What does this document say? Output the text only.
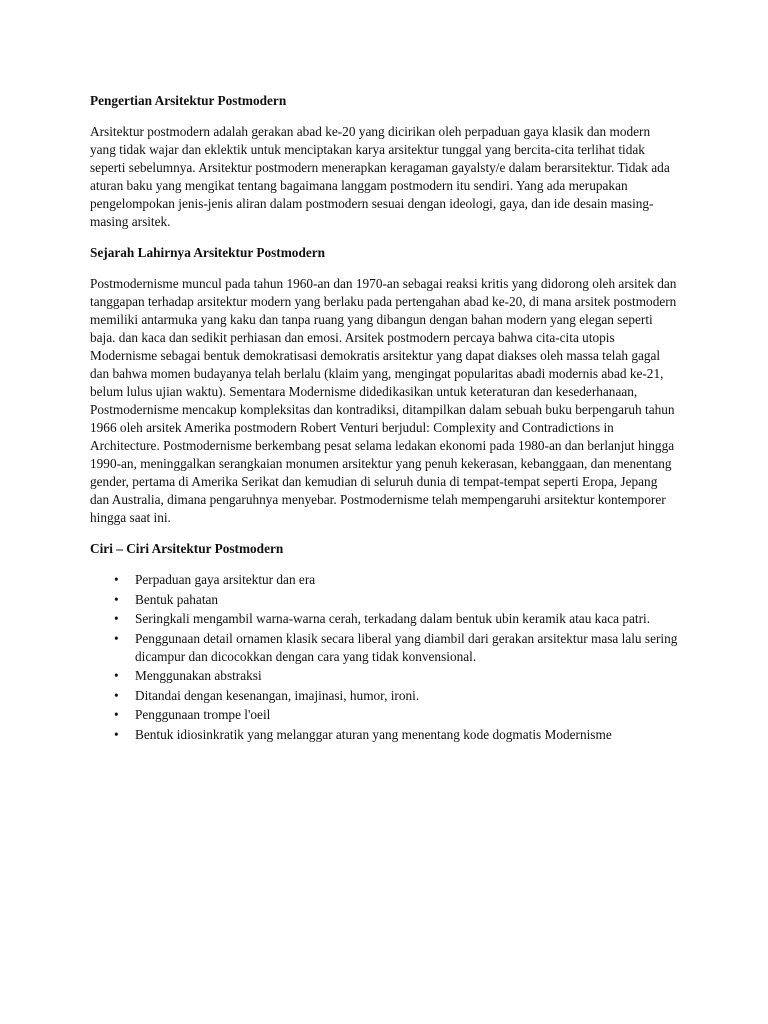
Pengertian Arsitektur Postmodern

Arsitektur postmodern adalah gerakan abad ke-20 yang dicirikan oleh perpaduan gaya klasik dan modern yang tidak wajar dan eklektik untuk menciptakan karya arsitektur tunggal yang bercita-cita terlihat tidak seperti sebelumnya. Arsitektur postmodern menerapkan keragaman gayalsty/e dalam berarsitektur. Tidak ada aturan baku yang mengikat tentang bagaimana langgam postmodern itu sendiri. Yang ada merupakan pengelompokan jenis-jenis aliran dalam postmodern sesuai dengan ideologi, gaya, dan ide desain masing-masing arsitek.

Sejarah Lahirnya Arsitektur Postmodern

Postmodernisme muncul pada tahun 1960-an dan 1970-an sebagai reaksi kritis yang didorong oleh arsitek dan tanggapan terhadap arsitektur modern yang berlaku pada pertengahan abad ke-20, di mana arsitek postmodern memiliki antarmuka yang kaku dan tanpa ruang yang dibangun dengan bahan modern yang elegan seperti baja. dan kaca dan sedikit perhiasan dan emosi. Arsitek postmodern percaya bahwa cita-cita utopis Modernisme sebagai bentuk demokratisasi demokratis arsitektur yang dapat diakses oleh massa telah gagal dan bahwa momen budayanya telah berlalu (klaim yang, mengingat popularitas abadi modernis abad ke-21, belum lulus ujian waktu). Sementara Modernisme didedikasikan untuk keteraturan dan kesederhanaan, Postmodernisme mencakup kompleksitas dan kontradiksi, ditampilkan dalam sebuah buku berpengaruh tahun 1966 oleh arsitek Amerika postmodern Robert Venturi berjudul: Complexity and Contradictions in Architecture. Postmodernisme berkembang pesat selama ledakan ekonomi pada 1980-an dan berlanjut hingga 1990-an, meninggalkan serangkaian monumen arsitektur yang penuh kekerasan, kebanggaan, dan menentang gender, pertama di Amerika Serikat dan kemudian di seluruh dunia di tempat-tempat seperti Eropa, Jepang dan Australia, dimana pengaruhnya menyebar. Postmodernisme telah mempengaruhi arsitektur kontemporer hingga saat ini.

Ciri – Ciri Arsitektur Postmodern
• Perpaduan gaya arsitektur dan era
• Bentuk pahatan
• Seringkali mengambil warna-warna cerah, terkadang dalam bentuk ubin keramik atau kaca patri.
• Penggunaan detail ornamen klasik secara liberal yang diambil dari gerakan arsitektur masa lalu sering dicampur dan dicocokkan dengan cara yang tidak konvensional.
• Menggunakan abstraksi
• Ditandai dengan kesenangan, imajinasi, humor, ironi.
• Penggunaan trompe l'oeil
• Bentuk idiosinkratik yang melanggar aturan yang menentang kode dogmatis Modernisme
